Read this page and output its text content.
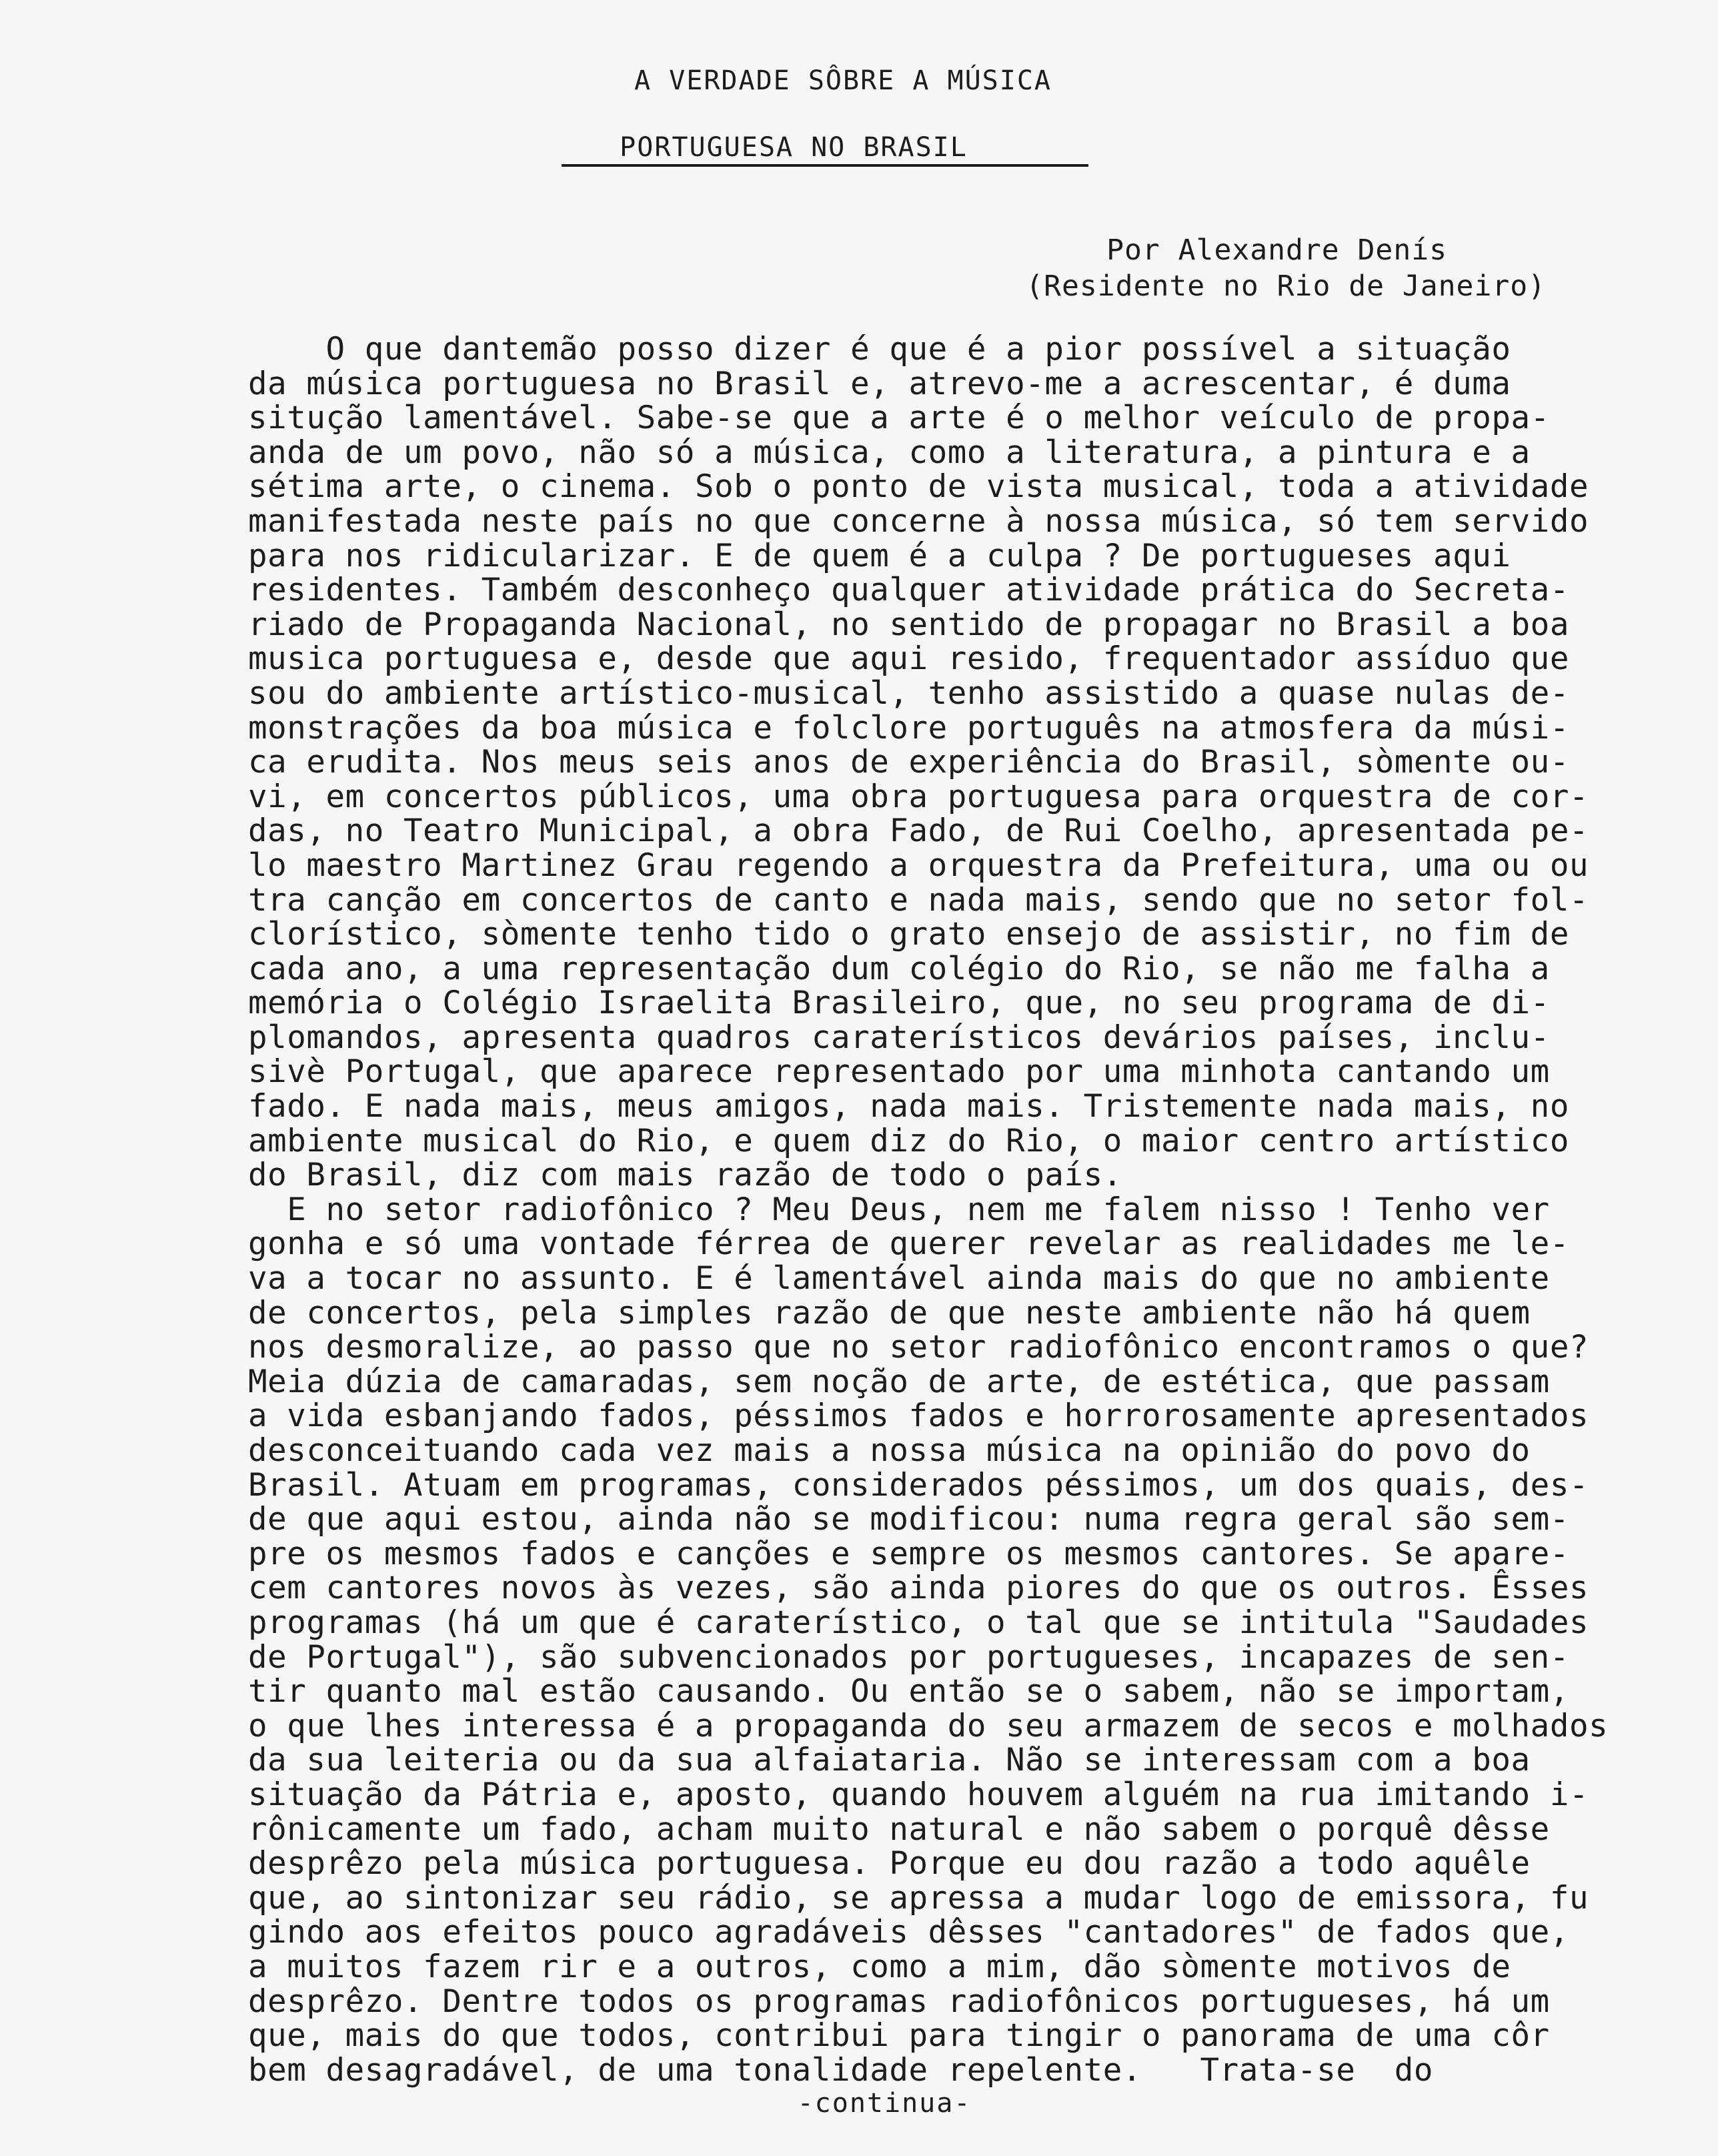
A VERDADE SÔBRE A MÚSICA
PORTUGUESA NO BRASIL
Por Alexandre Denís
(Residente no Rio de Janeiro)
O que dantemão posso dizer é que é a pior possível a situação
da música portuguesa no Brasil e, atrevo-me a acrescentar, é duma
situção lamentável. Sabe-se que a arte é o melhor veículo de propa-
anda de um povo, não só a música, como a literatura, a pintura e a
sétima arte, o cinema. Sob o ponto de vista musical, toda a atividade
manifestada neste país no que concerne à nossa música, só tem servido
para nos ridicularizar. E de quem é a culpa ? De portugueses aqui
residentes. Também desconheço qualquer atividade prática do Secreta-
riado de Propaganda Nacional, no sentido de propagar no Brasil a boa
musica portuguesa e, desde que aqui resido, frequentador assíduo que
sou do ambiente artístico-musical, tenho assistido a quase nulas de-
monstrações da boa música e folclore português na atmosfera da músi-
ca erudita. Nos meus seis anos de experiência do Brasil, sòmente ou-
vi, em concertos públicos, uma obra portuguesa para orquestra de cor-
das, no Teatro Municipal, a obra Fado, de Rui Coelho, apresentada pe-
lo maestro Martinez Grau regendo a orquestra da Prefeitura, uma ou ou
tra canção em concertos de canto e nada mais, sendo que no setor fol-
clorístico, sòmente tenho tido o grato ensejo de assistir, no fim de
cada ano, a uma representação dum colégio do Rio, se não me falha a
memória o Colégio Israelita Brasileiro, que, no seu programa de di-
plomandos, apresenta quadros caraterísticos devários países, inclu-
sivè Portugal, que aparece representado por uma minhota cantando um
fado. E nada mais, meus amigos, nada mais. Tristemente nada mais, no
ambiente musical do Rio, e quem diz do Rio, o maior centro artístico
do Brasil, diz com mais razão de todo o país.
E no setor radiofônico ? Meu Deus, nem me falem nisso ! Tenho ver
gonha e só uma vontade férrea de querer revelar as realidades me le-
va a tocar no assunto. E é lamentável ainda mais do que no ambiente
de concertos, pela simples razão de que neste ambiente não há quem
nos desmoralize, ao passo que no setor radiofônico encontramos o que?
Meia dúzia de camaradas, sem noção de arte, de estética, que passam
a vida esbanjando fados, péssimos fados e horrorosamente apresentados
desconceituando cada vez mais a nossa música na opinião do povo do
Brasil. Atuam em programas, considerados péssimos, um dos quais, des-
de que aqui estou, ainda não se modificou: numa regra geral são sem-
pre os mesmos fados e canções e sempre os mesmos cantores. Se apare-
cem cantores novos às vezes, são ainda piores do que os outros. Êsses
programas (há um que é caraterístico, o tal que se intitula "Saudades
de Portugal"), são subvencionados por portugueses, incapazes de sen-
tir quanto mal estão causando. Ou então se o sabem, não se importam,
o que lhes interessa é a propaganda do seu armazem de secos e molhados
da sua leiteria ou da sua alfaiataria. Não se interessam com a boa
situação da Pátria e, aposto, quando houvem alguém na rua imitando i-
rônicamente um fado, acham muito natural e não sabem o porquê dêsse
desprêzo pela música portuguesa. Porque eu dou razão a todo aquêle
que, ao sintonizar seu rádio, se apressa a mudar logo de emissora, fu
gindo aos efeitos pouco agradáveis dêsses "cantadores" de fados que,
a muitos fazem rir e a outros, como a mim, dão sòmente motivos de
desprêzo. Dentre todos os programas radiofônicos portugueses, há um
que, mais do que todos, contribui para tingir o panorama de uma côr
bem desagradável, de uma tonalidade repelente.   Trata-se  do
-continua-
